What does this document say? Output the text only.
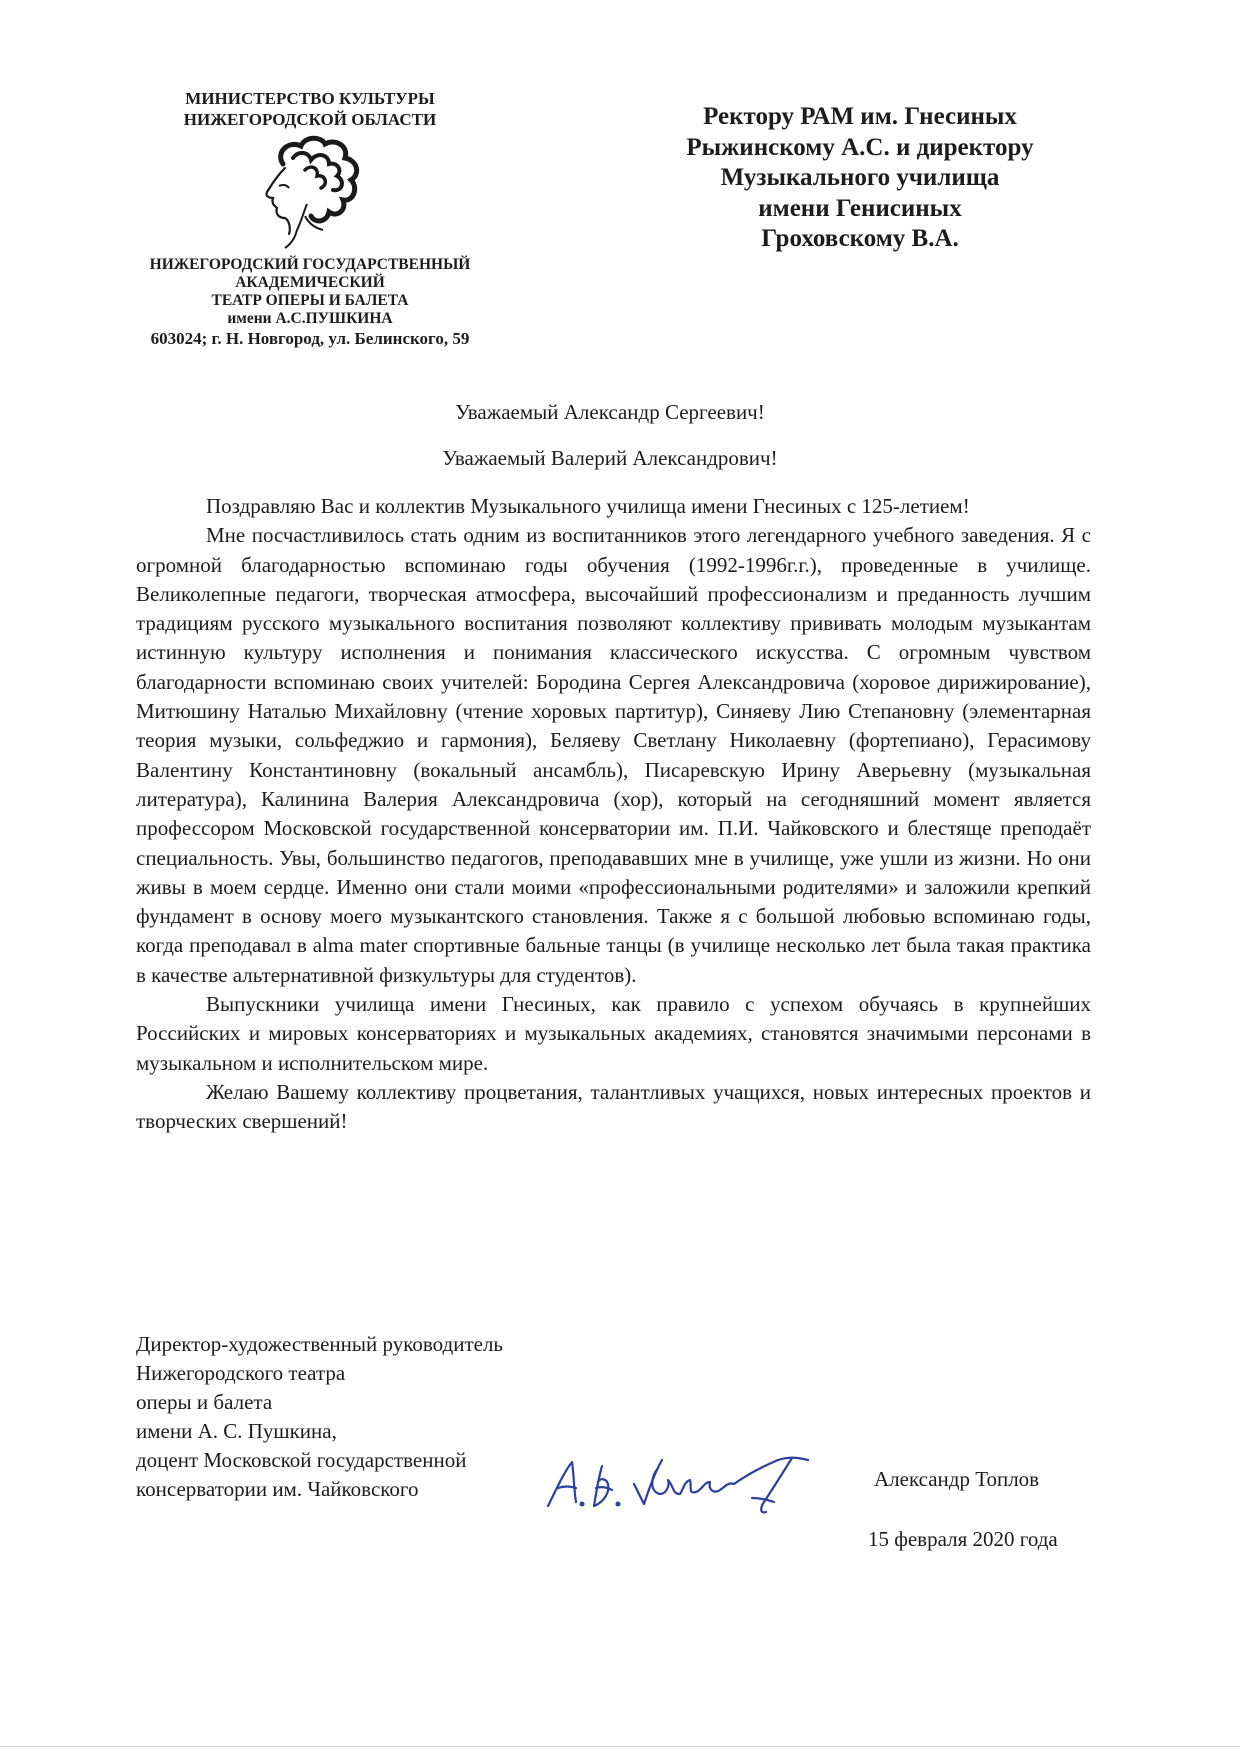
МИНИСТЕРСТВО КУЛЬТУРЫ
НИЖЕГОРОДСКОЙ ОБЛАСТИ
НИЖЕГОРОДСКИЙ ГОСУДАРСТВЕННЫЙ
АКАДЕМИЧЕСКИЙ
ТЕАТР ОПЕРЫ И БАЛЕТА
имени А.С.ПУШКИНА
603024; г. Н. Новгород, ул. Белинского, 59
Ректору РАМ им. Гнесиных
Рыжинскому А.С. и директору
Музыкального училища
имени Генисиных
Гроховскому В.А.
Уважаемый Александр Сергеевич!
Уважаемый Валерий Александрович!

Поздравляю Вас и коллектив Музыкального училища имени Гнесиных с 125-летием!

Мне посчастливилось стать одним из воспитанников этого легендарного учебного заведения. Я с огромной благодарностью вспоминаю годы обучения (1992-1996г.г.), проведенные в училище. Великолепные педагоги, творческая атмосфера, высочайший профессионализм и преданность лучшим традициям русского музыкального воспитания позволяют коллективу прививать молодым музыкантам истинную культуру исполнения и понимания классического искусства. С огромным чувством благодарности вспоминаю своих учителей: Бородина Сергея Александровича (хоровое дирижирование), Митюшину Наталью Михайловну (чтение хоровых партитур), Синяеву Лию Степановну (элементарная теория музыки, сольфеджио и гармония), Беляеву Светлану Николаевну (фортепиано), Герасимову Валентину Константиновну (вокальный ансамбль), Писаревскую Ирину Аверьевну (музыкальная литература), Калинина Валерия Александровича (хор), который на сегодняшний момент является профессором Московской государственной консерватории им. П.И. Чайковского и блестяще преподаёт специальность. Увы, большинство педагогов, преподававших мне в училище, уже ушли из жизни. Но они живы в моем сердце. Именно они стали моими «профессиональными родителями» и заложили крепкий фундамент в основу моего музыкантского становления. Также я с большой любовью вспоминаю годы, когда преподавал в alma mater спортивные бальные танцы (в училище несколько лет была такая практика в качестве альтернативной физкультуры для студентов).

Выпускники училища имени Гнесиных, как правило с успехом обучаясь в крупнейших Российских и мировых консерваториях и музыкальных академиях, становятся значимыми персонами в музыкальном и исполнительском мире.

Желаю Вашему коллективу процветания, талантливых учащихся, новых интересных проектов и творческих свершений!

Директор-художественный руководитель
Нижегородского театра
оперы и балета
имени А. С. Пушкина,
доцент Московской государственной
консерватории им. Чайковского	Александр Топлов
15 февраля 2020 года
